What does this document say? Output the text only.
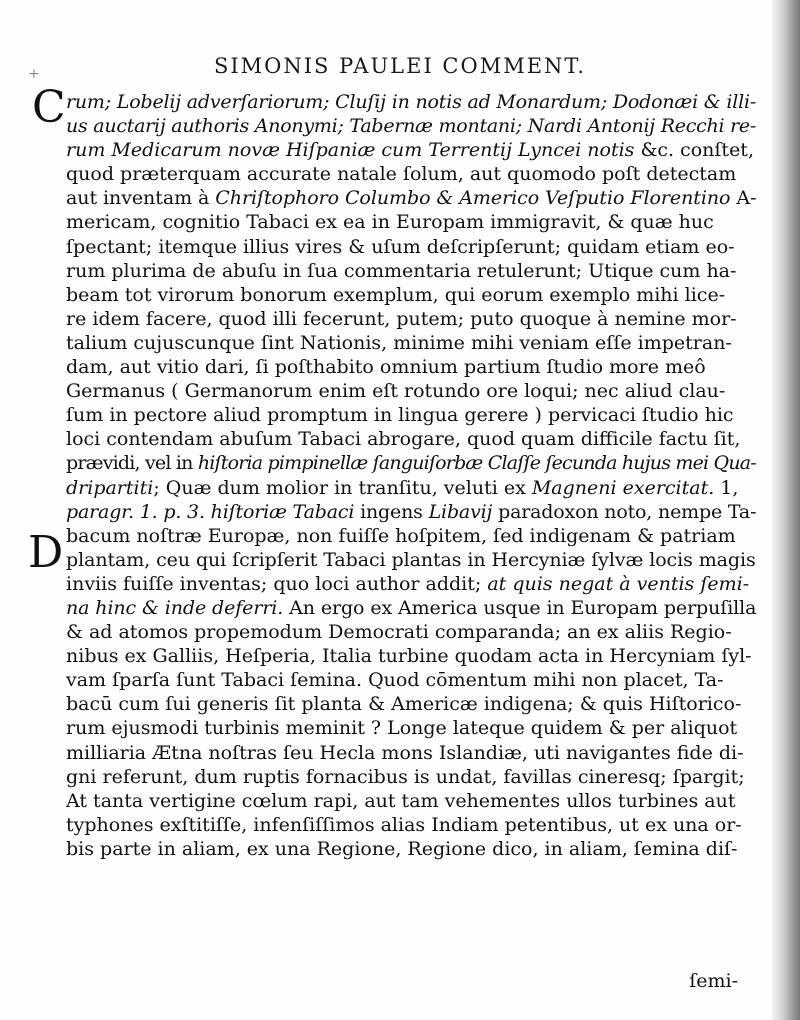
+	SIMONIS PAULEI COMMENT.
C
D
rum; Lobelij adverſariorum; Cluſij in notis ad Monardum; Dodonæi & illi-
us auctarij authoris Anonymi; Tabernæ montani; Nardi Antonij Recchi re-
rum Medicarum novæ Hiſpaniæ cum Terrentij Lyncei notis &c. conſtet,
quod præterquam accurate natale ſolum, aut quomodo poſt detectam
aut inventam à Chriſtophoro Columbo & Americo Veſputio Florentino A-
mericam, cognitio Tabaci ex ea in Europam immigravit, & quæ huc
ſpectant; itemque illius vires & uſum deſcripſerunt; quidam etiam eo-
rum plurima de abuſu in ſua commentaria retulerunt; Utique cum ha-
beam tot virorum bonorum exemplum, qui eorum exemplo mihi lice-
re idem facere, quod illi fecerunt, putem; puto quoque à nemine mor-
talium cujuscunque ſint Nationis, minime mihi veniam eſſe impetran-
dam, aut vitio dari, ſi poſthabito omnium partium ſtudio more meô
Germanus ( Germanorum enim eſt rotundo ore loqui; nec aliud clau-
ſum in pectore aliud promptum in lingua gerere ) pervicaci ſtudio hic
loci contendam abuſum Tabaci abrogare, quod quam difficile factu ſit,
prævidi, vel in hiſtoria pimpinellæ ſanguiſorbæ Claſſe ſecunda hujus mei Qua-
dripartiti; Quæ dum molior in tranſitu, veluti ex Magneni exercitat. 1,
paragr. 1. p. 3. hiſtoriæ Tabaci ingens Libavij paradoxon noto, nempe Ta-
bacum noſtræ Europæ, non fuiſſe hoſpitem, ſed indigenam & patriam
plantam, ceu qui ſcripſerit Tabaci plantas in Hercyniæ ſylvæ locis magis
inviis fuiſſe inventas; quo loci author addit; at quis negat à ventis ſemi-
na hinc & inde deferri. An ergo ex America usque in Europam perpuſilla
& ad atomos propemodum Democrati comparanda; an ex aliis Regio-
nibus ex Galliis, Heſperia, Italia turbine quodam acta in Hercyniam ſyl-
vam ſparſa ſunt Tabaci ſemina. Quod cōmentum mihi non placet, Ta-
bacū cum ſui generis ſit planta & Americæ indigena; & quis Hiſtorico-
rum ejusmodi turbinis meminit ? Longe lateque quidem & per aliquot
milliaria Ætna noſtras ſeu Hecla mons Islandiæ, uti navigantes fide di-
gni referunt, dum ruptis fornacibus is undat, favillas cineresq; ſpargit;
At tanta vertigine cœlum rapi, aut tam vehementes ullos turbines aut
typhones exſtitiſſe, infenſiſſimos alias Indiam petentibus, ut ex una or-
bis parte in aliam, ex una Regione, Regione dico, in aliam, ſemina diſ-
ſemi-
